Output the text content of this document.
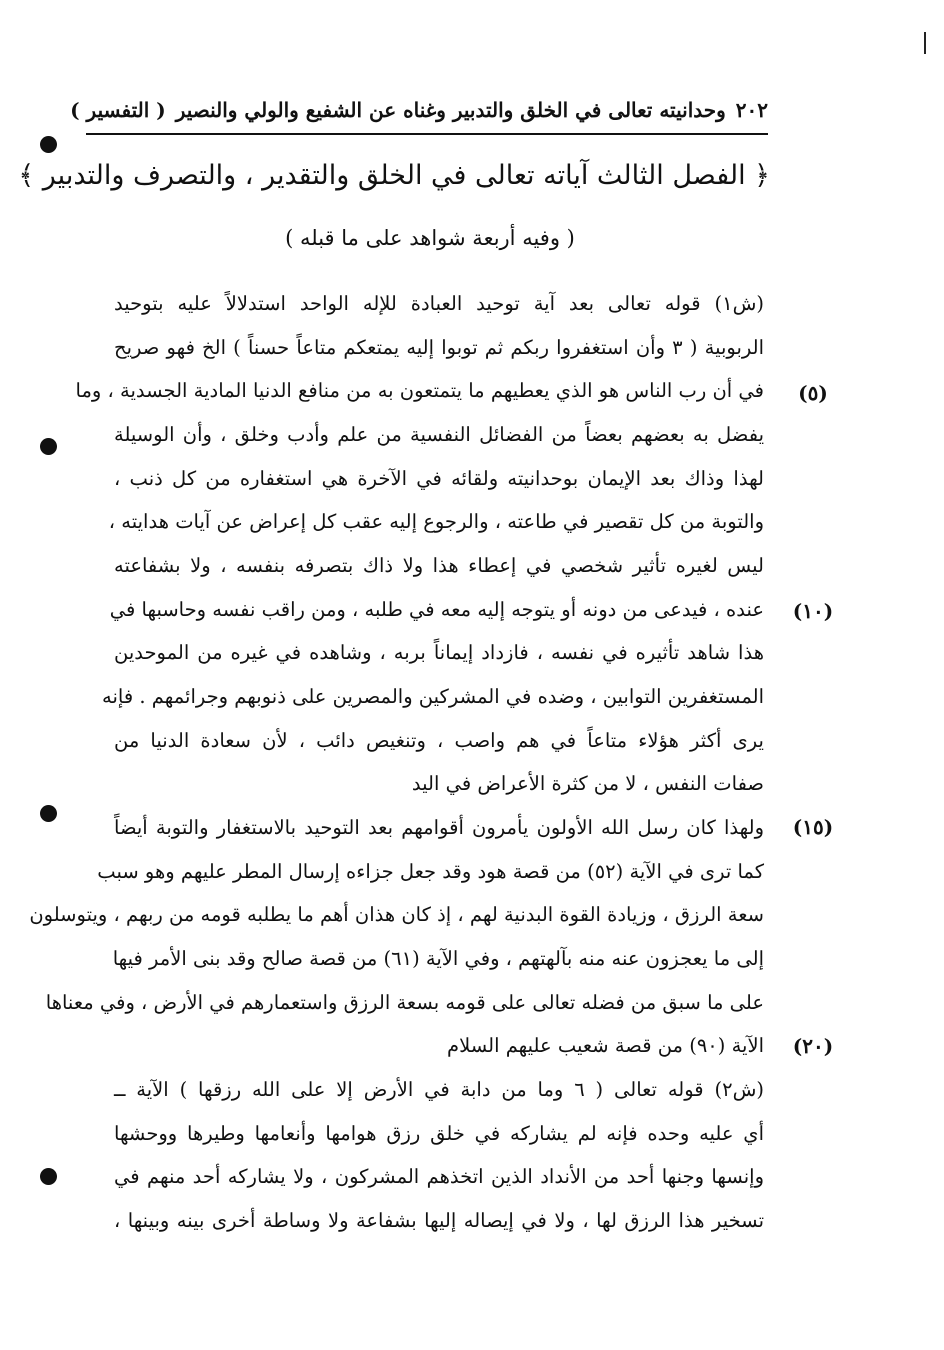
٢٠٢
وحدانيته تعالى في الخلق والتدبير وغناه عن الشفيع والولي والنصير
( التفسير )
﴿ الفصل الثالث آياته تعالى في الخلق والتقدير ، والتصرف والتدبير ﴾
( وفيه أربعة شواهد على ما قبله )
(ش١) قوله تعالى بعد آية توحيد العبادة للإله الواحد استدلالاً عليه بتوحيد
الربوبية ( ٣ وأن استغفروا ربكم ثم توبوا إليه يمتعكم متاعاً حسناً ) الخ فهو صريح
في أن رب الناس هو الذي يعطيهم ما يتمتعون به من منافع الدنيا المادية الجسدية ، وما
يفضل به بعضهم بعضاً من الفضائل النفسية من علم وأدب وخلق ، وأن الوسيلة
لهذا وذاك بعد الإيمان بوحدانيته ولقائه في الآخرة هي استغفاره من كل ذنب ،
والتوبة من كل تقصير في طاعته ، والرجوع إليه عقب كل إعراض عن آيات هدايته ،
ليس لغيره تأثير شخصي في إعطاء هذا ولا ذاك بتصرفه بنفسه ، ولا بشفاعته
عنده ، فيدعى من دونه أو يتوجه إليه معه في طلبه ، ومن راقب نفسه وحاسبها في
هذا شاهد تأثيره في نفسه ، فازداد إيماناً بربه ، وشاهده في غيره من الموحدين
المستغفرين التوابين ، وضده في المشركين والمصرين على ذنوبهم وجرائمهم . فإنه
يرى أكثر هؤلاء متاعاً في هم واصب ، وتنغيص دائب ، لأن سعادة الدنيا من
صفات النفس ، لا من كثرة الأعراض في اليد
ولهذا كان رسل الله الأولون يأمرون أقوامهم بعد التوحيد بالاستغفار والتوبة أيضاً
كما ترى في الآية (٥٢) من قصة هود وقد جعل جزاءه إرسال المطر عليهم وهو سبب
سعة الرزق ، وزيادة القوة البدنية لهم ، إذ كان هذان أهم ما يطلبه قومه من ربهم ، ويتوسلون
إلى ما يعجزون عنه منه بآلهتهم ، وفي الآية (٦١) من قصة صالح وقد بنى الأمر فيها
على ما سبق من فضله تعالى على قومه بسعة الرزق واستعمارهم في الأرض ، وفي معناها
الآية (٩٠) من قصة شعيب عليهم السلام
(ش٢) قوله تعالى ( ٦ وما من دابة في الأرض إلا على الله رزقها ) الآية ــ
أي عليه وحده فإنه لم يشاركه في خلق رزق هوامها وأنعامها وطيرها ووحشها
وإنسها وجنها أحد من الأنداد الذين اتخذهم المشركون ، ولا يشاركه أحد منهم في
تسخير هذا الرزق لها ، ولا في إيصاله إليها بشفاعة ولا وساطة أخرى بينه وبينها ،
(٥)
(١٠)
(١٥)
(٢٠)
